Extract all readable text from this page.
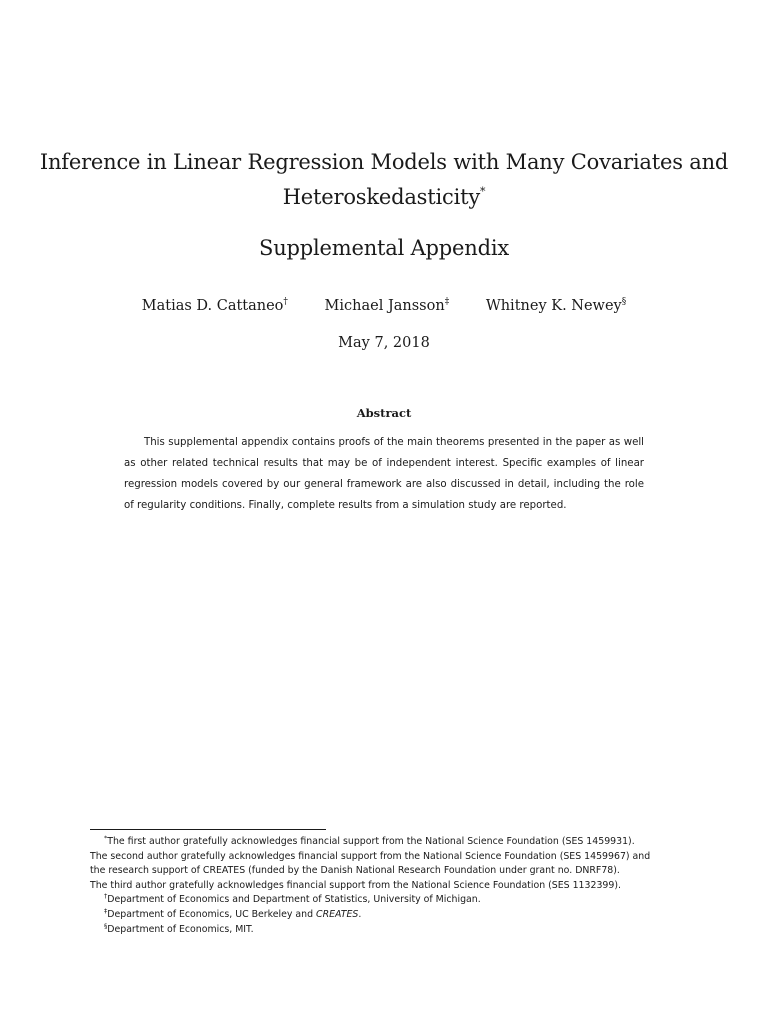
Inference in Linear Regression Models with Many Covariates and
Heteroskedasticity*
Supplemental Appendix
Matias D. Cattaneo†	Michael Jansson‡	Whitney K. Newey§
May 7, 2018
Abstract

This supplemental appendix contains proofs of the main theorems presented in the paper as well as other related technical results that may be of independent interest. Specific examples of linear regression models covered by our general framework are also discussed in detail, including the role of regularity conditions. Finally, complete results from a simulation study are reported.

*The first author gratefully acknowledges financial support from the National Science Foundation (SES 1459931).

The second author gratefully acknowledges financial support from the National Science Foundation (SES 1459967) and

the research support of CREATES (funded by the Danish National Research Foundation under grant no. DNRF78).

The third author gratefully acknowledges financial support from the National Science Foundation (SES 1132399).

†Department of Economics and Department of Statistics, University of Michigan.

‡Department of Economics, UC Berkeley and CREATES.

§Department of Economics, MIT.
